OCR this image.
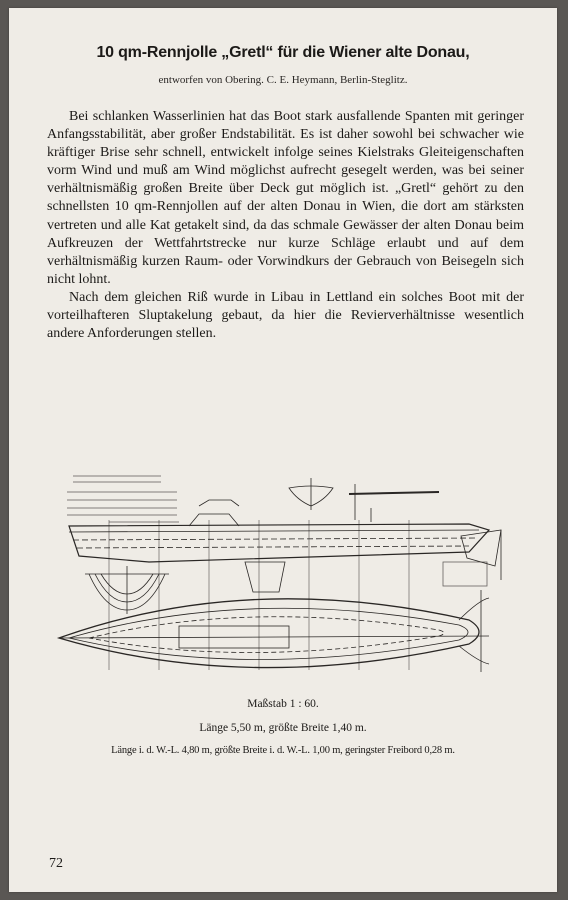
10 qm-Rennjolle „Gretl“ für die Wiener alte Donau,
entworfen von Obering. C. E. Heymann, Berlin-Steglitz.

Bei schlanken Wasserlinien hat das Boot stark ausfallende Spanten mit geringer Anfangsstabilität, aber großer Endstabilität. Es ist daher sowohl bei schwacher wie kräftiger Brise sehr schnell, entwickelt infolge seines Kielstraks Gleiteigenschaften vorm Wind und muß am Wind möglichst aufrecht gesegelt werden, was bei seiner verhältnismäßig großen Breite über Deck gut möglich ist. „Gretl“ gehört zu den schnellsten 10 qm-Rennjollen auf der alten Donau in Wien, die dort am stärksten vertreten und alle Kat getakelt sind, da das schmale Gewässer der alten Donau beim Aufkreuzen der Wettfahrtstrecke nur kurze Schläge erlaubt und auf dem verhältnismäßig kurzen Raum- oder Vorwindkurs der Gebrauch von Beisegeln sich nicht lohnt.

Nach dem gleichen Riß wurde in Libau in Lettland ein solches Boot mit der vorteilhafteren Sluptakelung gebaut, da hier die Revierverhältnisse wesentlich andere Anforderungen stellen.

Maßstab 1 : 60.
Länge 5,50 m, größte Breite 1,40 m.
Länge i. d. W.-L. 4,80 m, größte Breite i. d. W.-L. 1,00 m, geringster Freibord 0,28 m.
72
